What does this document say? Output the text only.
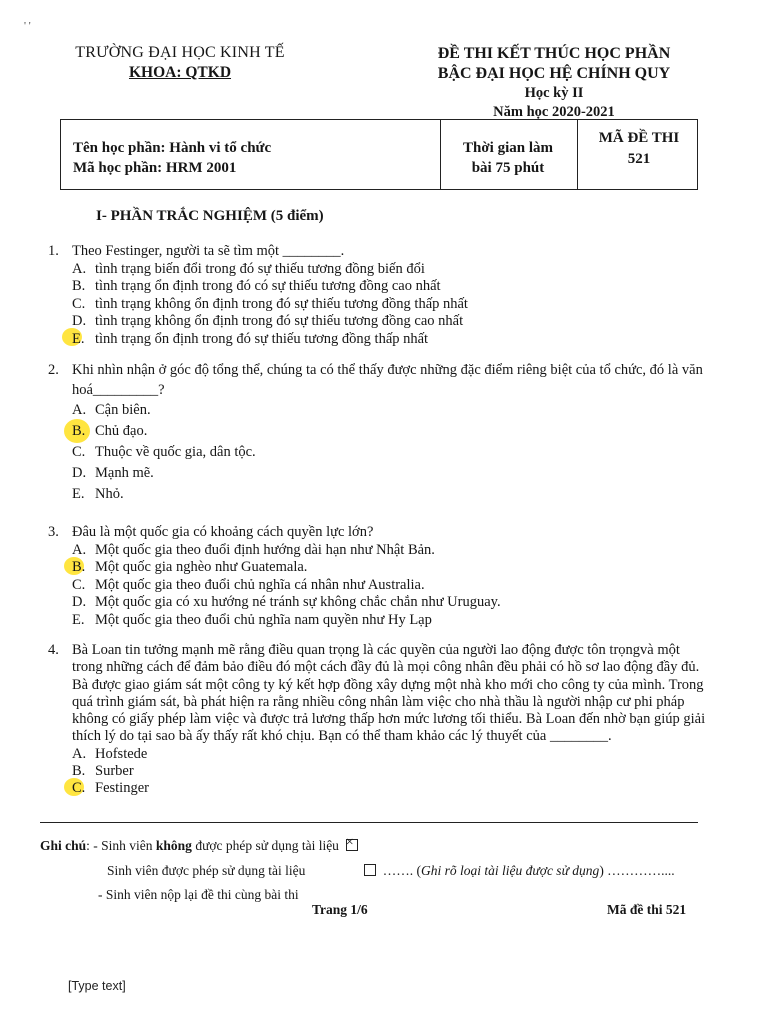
' '
TRƯỜNG ĐẠI HỌC KINH TẾ
KHOA: QTKD
ĐỀ THI KẾT THÚC HỌC PHẦN
BẬC ĐẠI HỌC HỆ CHÍNH QUY
Học kỳ II
Năm học 2020-2021
Tên học phần: Hành vi tổ chức
Mã học phần: HRM 2001
Thời gian làm
bài 75 phút
MÃ ĐỀ THI
521
I- PHẦN TRẮC NGHIỆM (5 điểm)
1. Theo Festinger, người ta sẽ tìm một ________.
A. tình trạng biến đổi trong đó sự thiếu tương đồng biến đổi
B. tình trạng ổn định trong đó có sự thiếu tương đồng cao nhất
C. tình trạng không ổn định trong đó sự thiếu tương đồng thấp nhất
D. tình trạng không ổn định trong đó sự thiếu tương đồng cao nhất
E. tình trạng ổn định trong đó sự thiếu tương đồng thấp nhất
2. Khi nhìn nhận ở góc độ tổng thể, chúng ta có thể thấy được những đặc điểm riêng biệt của tổ chức, đó là văn hoá_________?
A. Cận biên.
B. Chủ đạo.
C. Thuộc về quốc gia, dân tộc.
D. Mạnh mẽ.
E. Nhỏ.
3. Đâu là một quốc gia có khoảng cách quyền lực lớn?
A. Một quốc gia theo đuổi định hướng dài hạn như Nhật Bản.
B. Một quốc gia nghèo như Guatemala.
C. Một quốc gia theo đuổi chủ nghĩa cá nhân như Australia.
D. Một quốc gia có xu hướng né tránh sự không chắc chắn như Uruguay.
E. Một quốc gia theo đuổi chủ nghĩa nam quyền như Hy Lạp
4. Bà Loan tin tưởng mạnh mẽ rằng điều quan trọng là các quyền của người lao động được tôn trọngvà một trong những cách để đảm bảo điều đó một cách đầy đủ là mọi công nhân đều phải có hồ sơ lao động đầy đủ. Bà được giao giám sát một công ty ký kết hợp đồng xây dựng một nhà kho mới cho công ty của mình. Trong quá trình giám sát, bà phát hiện ra rằng nhiều công nhân làm việc cho nhà thầu là người nhập cư phi pháp không có giấy phép làm việc và được trả lương thấp hơn mức lương tối thiểu. Bà Loan đến nhờ bạn giúp giải thích lý do tại sao bà ấy thấy rất khó chịu. Bạn có thể tham khảo các lý thuyết của ________.
A. Hofstede
B. Surber
C. Festinger
Ghi chú: - Sinh viên không được phép sử dụng tài liệu  ×
Sinh viên được phép sử dụng tài liệu	……. (Ghi rõ loại tài liệu được sử dụng) …………....
- Sinh viên nộp lại đề thi cùng bài thi
Trang 1/6	Mã đề thi 521
[Type text]
